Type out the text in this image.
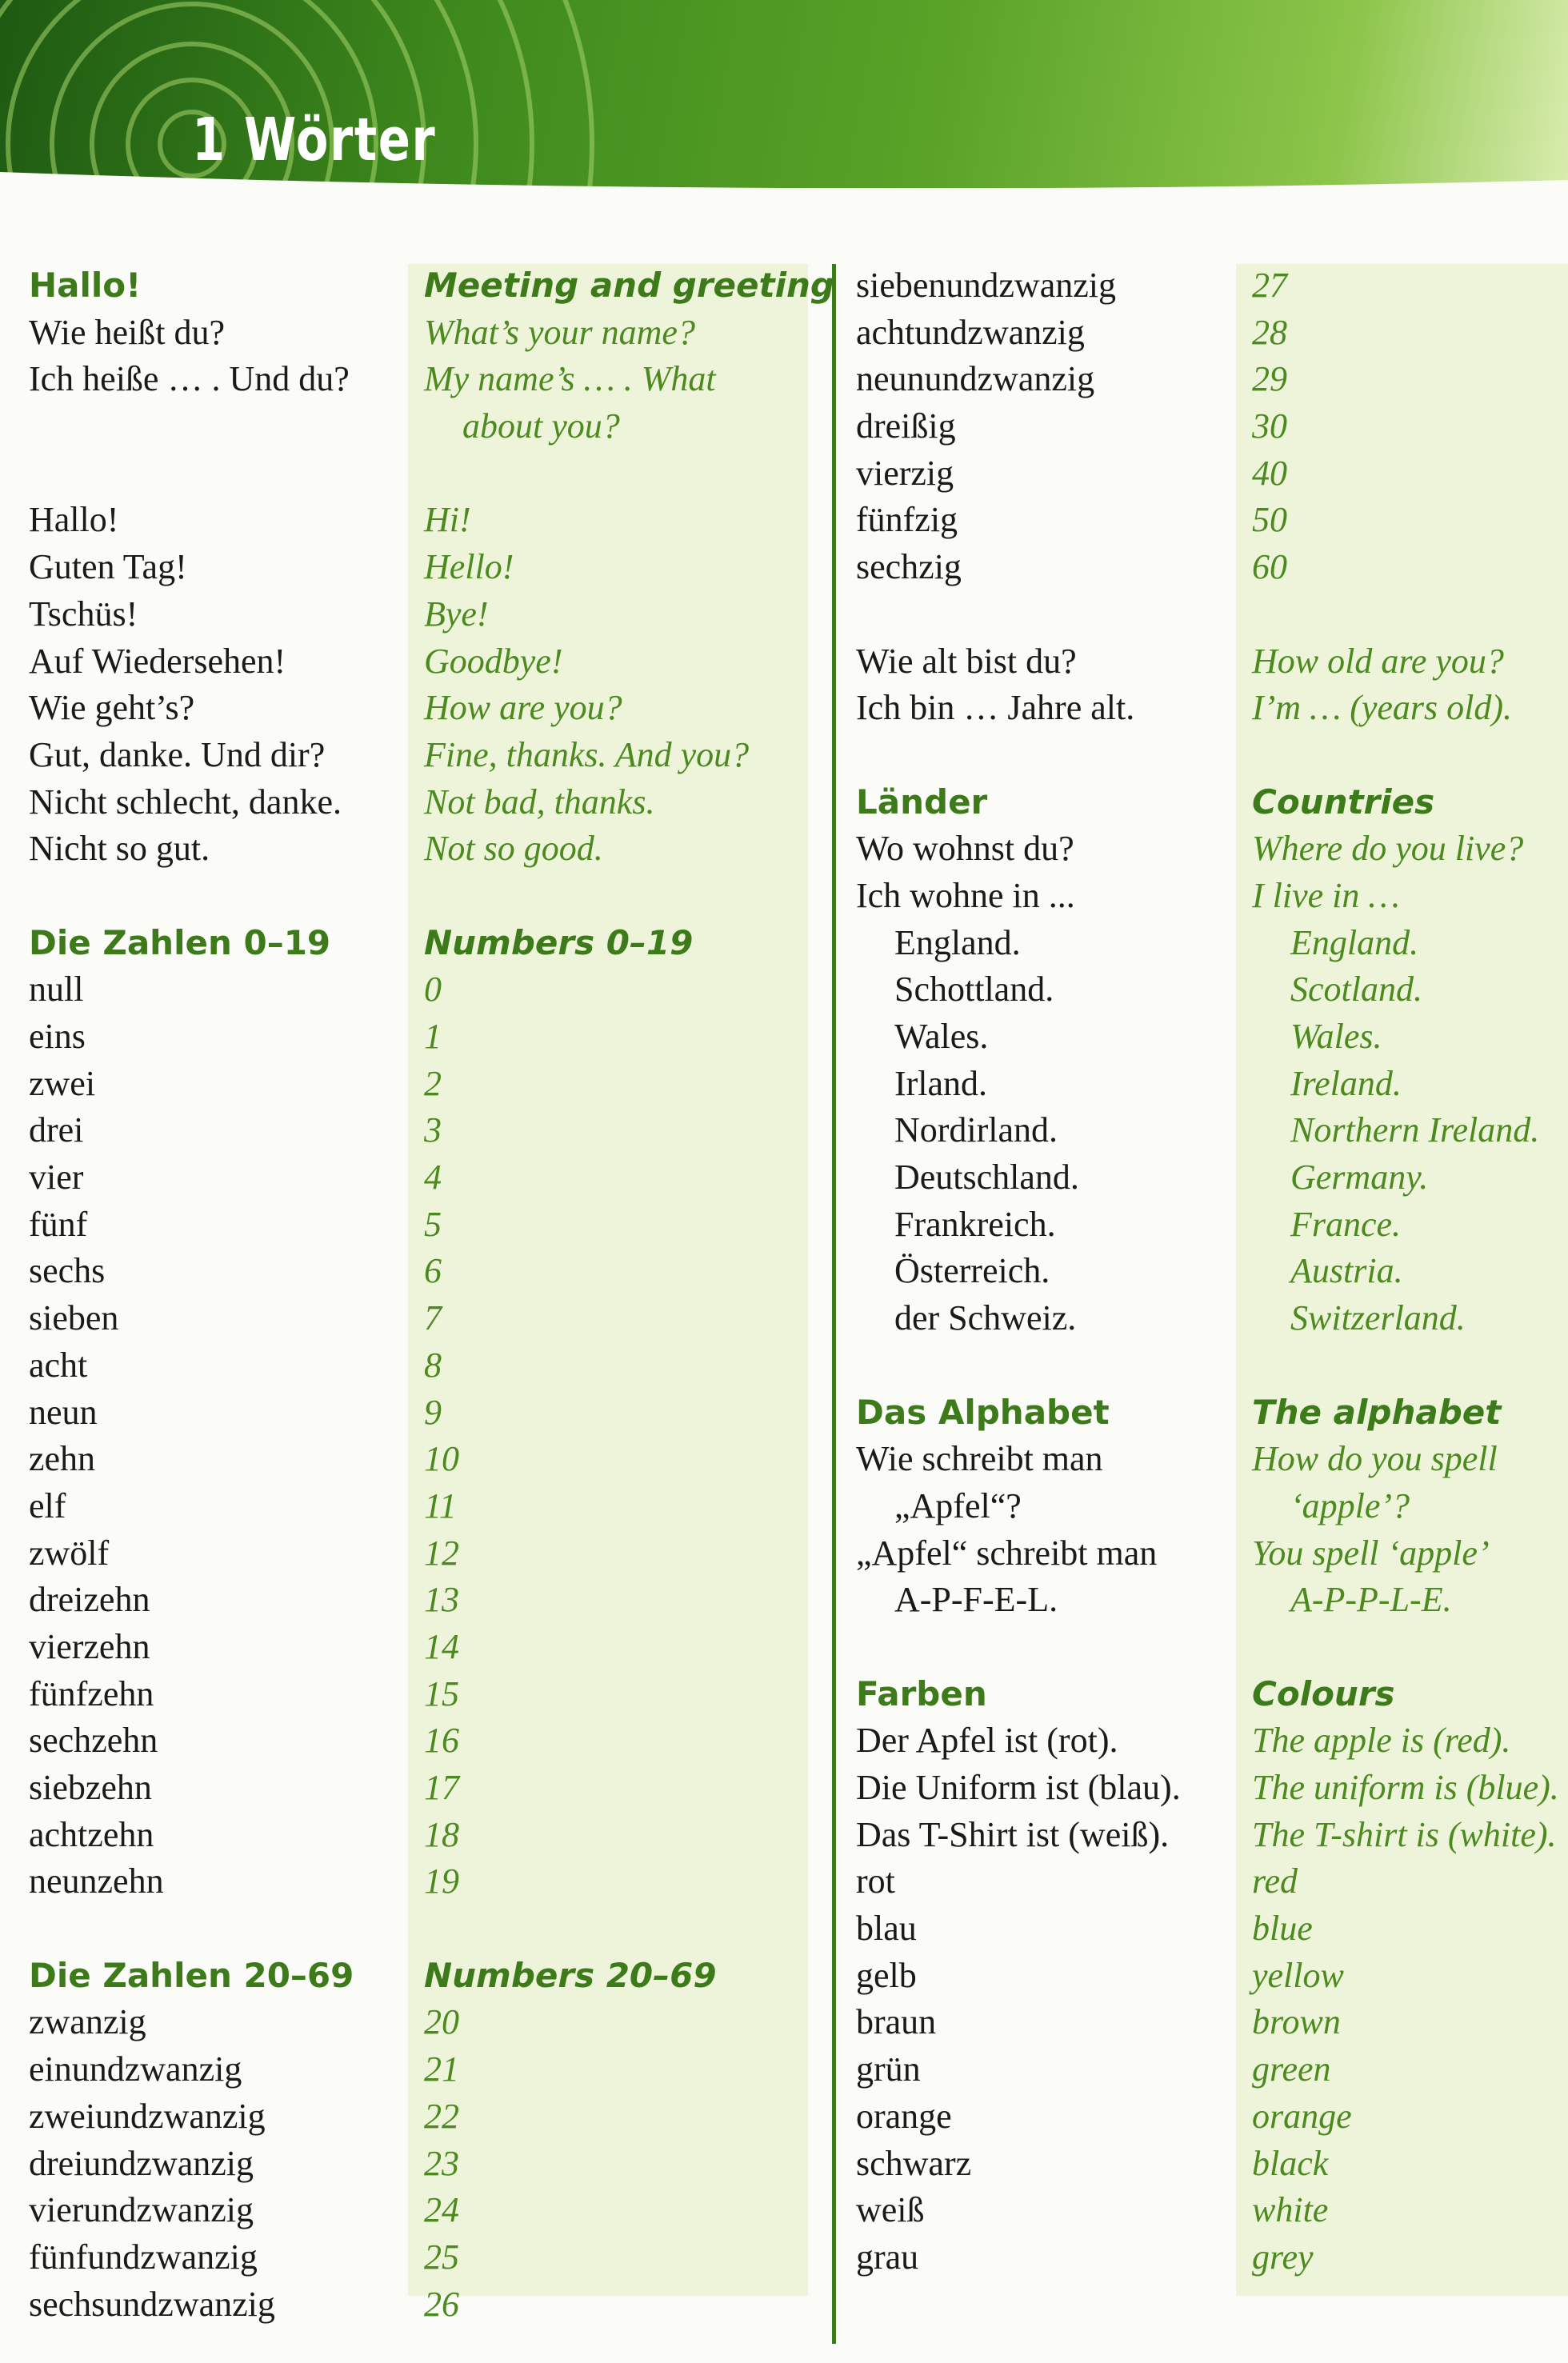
1 Wörter
Hallo!
Wie heißt du?
Ich heiße … . Und du?
Hallo!
Guten Tag!
Tschüs!
Auf Wiedersehen!
Wie geht’s?
Gut, danke. Und dir?
Nicht schlecht, danke.
Nicht so gut.
Die Zahlen 0–19
null
eins
zwei
drei
vier
fünf
sechs
sieben
acht
neun
zehn
elf
zwölf
dreizehn
vierzehn
fünfzehn
sechzehn
siebzehn
achtzehn
neunzehn
Die Zahlen 20–69
zwanzig
einundzwanzig
zweiundzwanzig
dreiundzwanzig
vierundzwanzig
fünfundzwanzig
sechsundzwanzig
Meeting and greeting
What’s your name?
My name’s … . What
about you?
Hi!
Hello!
Bye!
Goodbye!
How are you?
Fine, thanks. And you?
Not bad, thanks.
Not so good.
Numbers 0–19
0
1
2
3
4
5
6
7
8
9
10
11
12
13
14
15
16
17
18
19
Numbers 20–69
20
21
22
23
24
25
26
siebenundzwanzig
achtundzwanzig
neunundzwanzig
dreißig
vierzig
fünfzig
sechzig
Wie alt bist du?
Ich bin … Jahre alt.
Länder
Wo wohnst du?
Ich wohne in ...
England.
Schottland.
Wales.
Irland.
Nordirland.
Deutschland.
Frankreich.
Österreich.
der Schweiz.
Das Alphabet
Wie schreibt man
„Apfel“?
„Apfel“ schreibt man
A-P-F-E-L.
Farben
Der Apfel ist (rot).
Die Uniform ist (blau).
Das T-Shirt ist (weiß).
rot
blau
gelb
braun
grün
orange
schwarz
weiß
grau
27
28
29
30
40
50
60
How old are you?
I’m … (years old).
Countries
Where do you live?
I live in …
England.
Scotland.
Wales.
Ireland.
Northern Ireland.
Germany.
France.
Austria.
Switzerland.
The alphabet
How do you spell
‘apple’?
You spell ‘apple’
A-P-P-L-E.
Colours
The apple is (red).
The uniform is (blue).
The T-shirt is (white).
red
blue
yellow
brown
green
orange
black
white
grey
